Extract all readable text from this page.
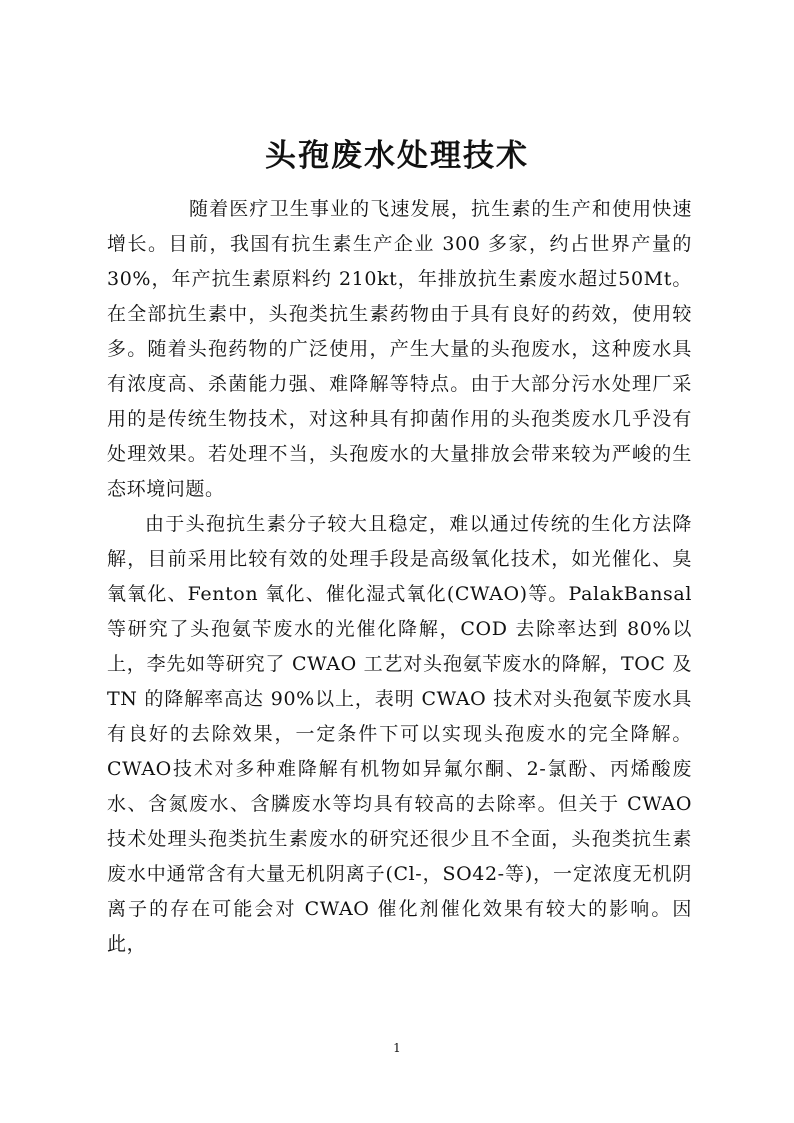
头孢废水处理技术

随着医疗卫生事业的飞速发展，抗生素的生产和使用快速增长。目前，我国有抗生素生产企业 300 多家，约占世界产量的 30%，年产抗生素原料约 210kt，年排放抗生素废水超过50Mt。在全部抗生素中，头孢类抗生素药物由于具有良好的药效，使用较多。随着头孢药物的广泛使用，产生大量的头孢废水，这种废水具有浓度高、杀菌能力强、难降解等特点。由于大部分污水处理厂采用的是传统生物技术，对这种具有抑菌作用的头孢类废水几乎没有处理效果。若处理不当，头孢废水的大量排放会带来较为严峻的生态环境问题。

由于头孢抗生素分子较大且稳定，难以通过传统的生化方法降解，目前采用比较有效的处理手段是高级氧化技术，如光催化、臭氧氧化、Fenton 氧化、催化湿式氧化(CWAO)等。PalakBansal等研究了头孢氨苄废水的光催化降解，COD 去除率达到 80%以上，李先如等研究了 CWAO 工艺对头孢氨苄废水的降解，TOC 及 TN 的降解率高达 90%以上，表明 CWAO 技术对头孢氨苄废水具有良好的去除效果，一定条件下可以实现头孢废水的完全降解。CWAO技术对多种难降解有机物如异氟尔酮、2-氯酚、丙烯酸废水、含氮废水、含膦废水等均具有较高的去除率。但关于 CWAO 技术处理头孢类抗生素废水的研究还很少且不全面，头孢类抗生素废水中通常含有大量无机阴离子(Cl-，SO42-等)，一定浓度无机阴离子的存在可能会对 CWAO 催化剂催化效果有较大的影响。因此，

1
